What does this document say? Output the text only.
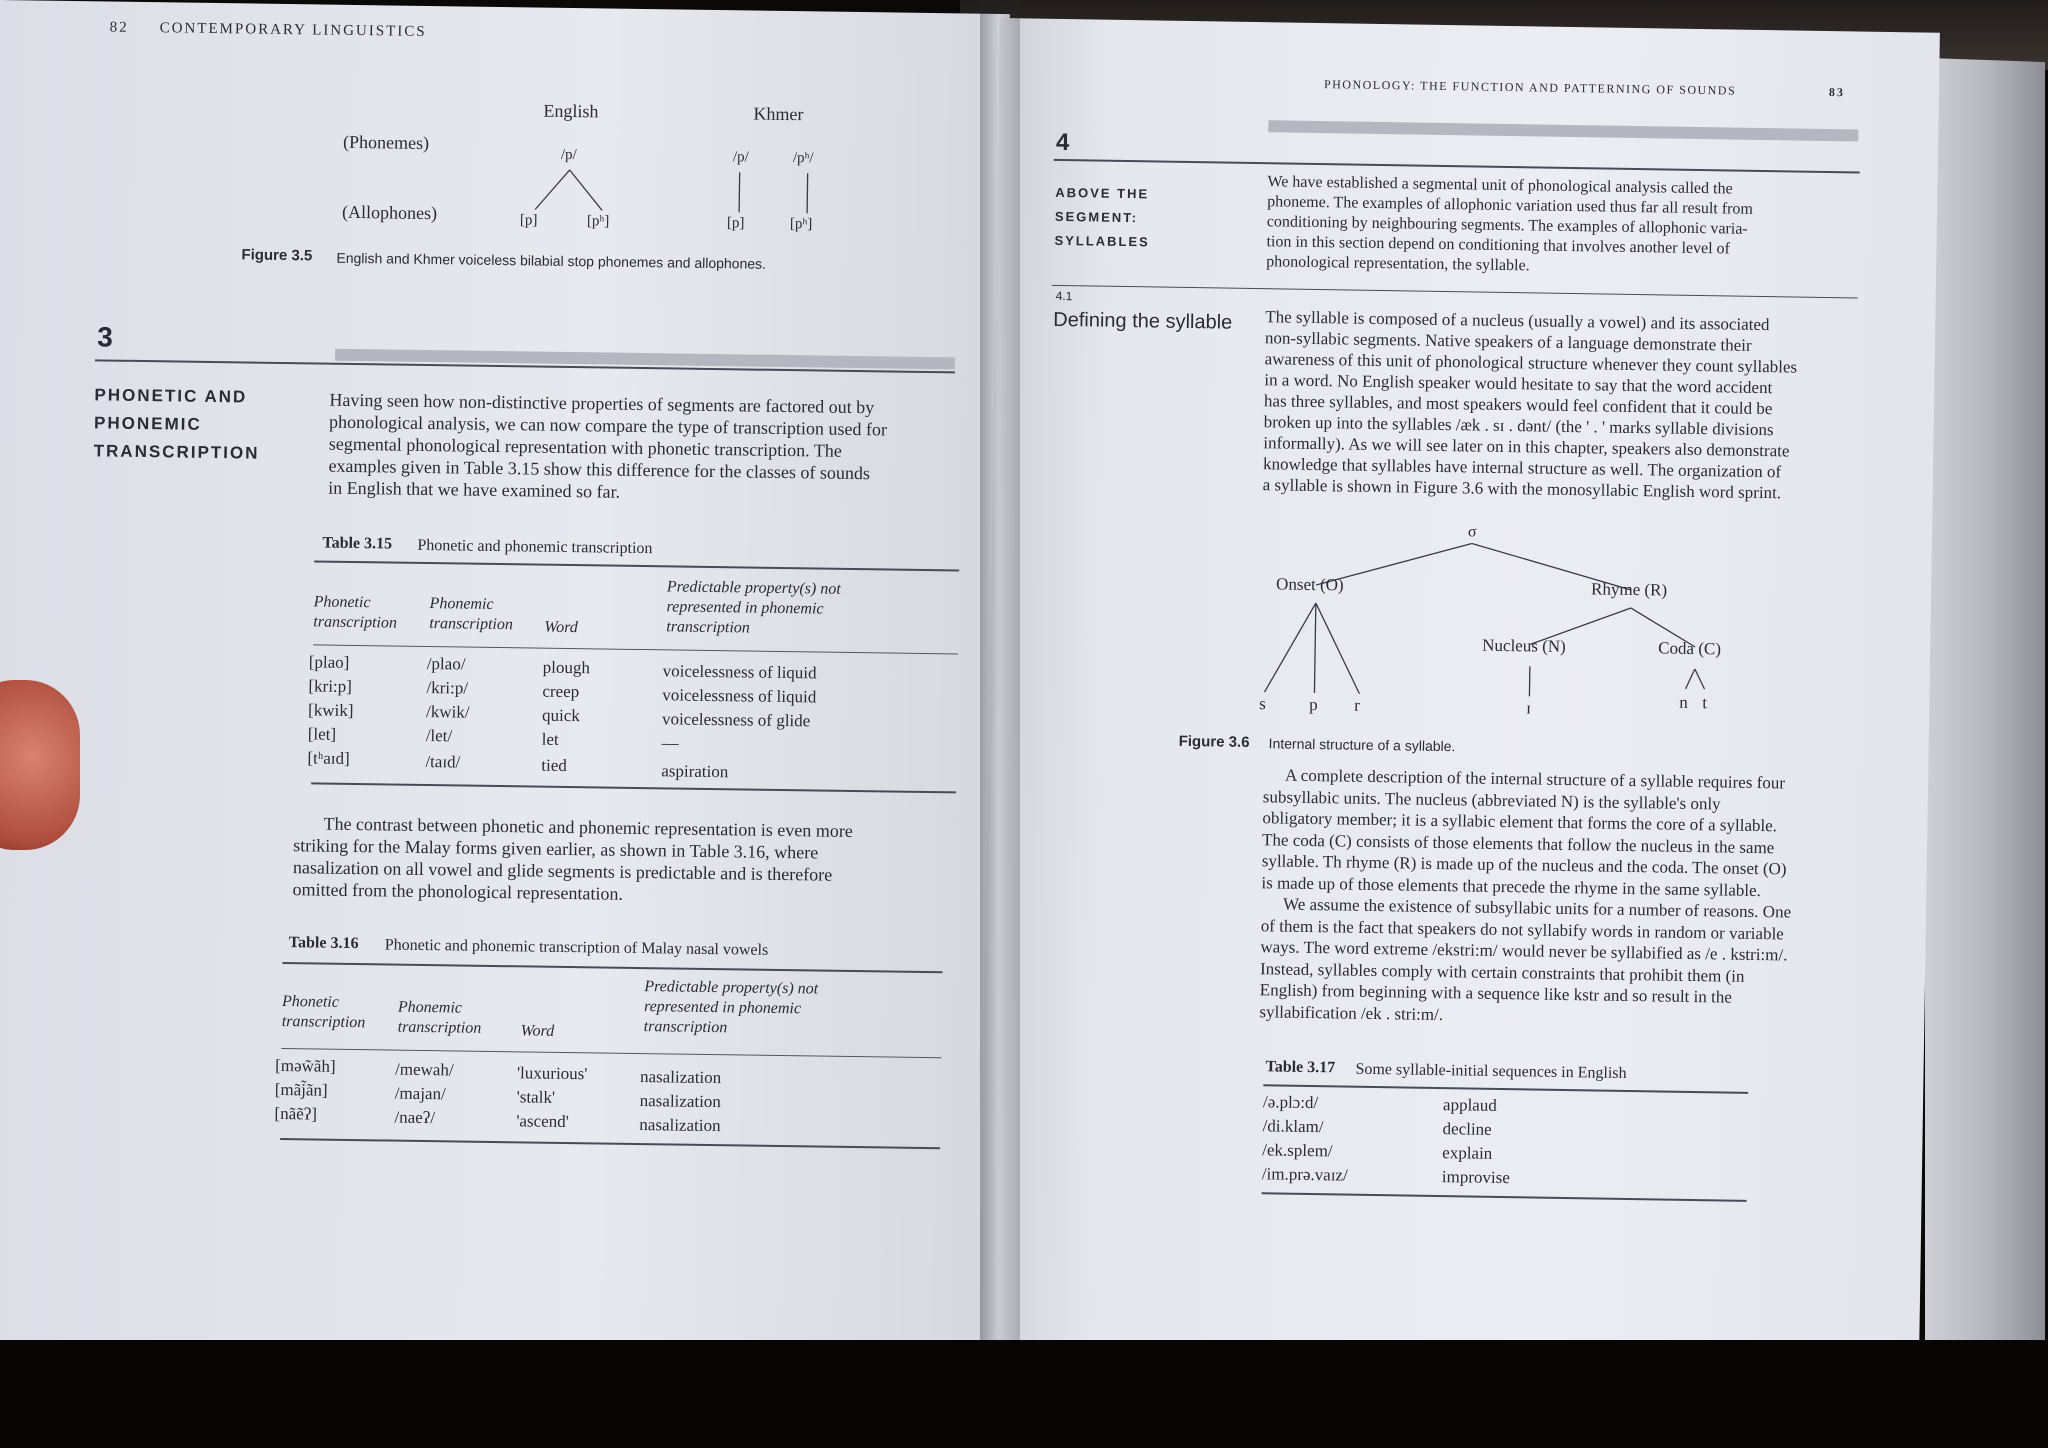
82 CONTEMPORARY LINGUISTICS
English	Khmer
(Phonemes)
(Allophones)
/p/
[p]	[pʰ]
/p/	/pʰ/
[p]	[pʰ]
Figure 3.5 English and Khmer voiceless bilabial stop phonemes and allophones.
3
PHONETIC AND
PHONEMIC
TRANSCRIPTION
Having seen how non-distinctive properties of segments are factored out by
phonological analysis, we can now compare the type of transcription used for
segmental phonological representation with phonetic transcription. The
examples given in Table 3.15 show this difference for the classes of sounds
in English that we have examined so far.
Table 3.15 Phonetic and phonemic transcription
Phonetic transcription
Phonemic transcription	Word
Predictable property(s) not represented in phonemic transcription
[plao]	/plao/	plough	voicelessness of liquid
[kri:p]	/kri:p/	creep	voicelessness of liquid
[kwik]	/kwik/	quick	voicelessness of glide
[let]	/let/	let	—
[tʰaɪd]	/taɪd/	tied	aspiration
The contrast between phonetic and phonemic representation is even more
striking for the Malay forms given earlier, as shown in Table 3.16, where
nasalization on all vowel and glide segments is predictable and is therefore
omitted from the phonological representation.
Table 3.16 Phonetic and phonemic transcription of Malay nasal vowels
Phonetic transcription
Phonemic transcription	Word
Predictable property(s) not represented in phonemic transcription
[məw̃ãh]	/mewah/	'luxurious'	nasalization
[mãj̃ãn]	/majan/	'stalk'	nasalization
[nãẽʔ]	/naeʔ/	'ascend'	nasalization
PHONOLOGY: THE FUNCTION AND PATTERNING OF SOUNDS	83
4
ABOVE THE
SEGMENT:
SYLLABLES
We have established a segmental unit of phonological analysis called the
phoneme. The examples of allophonic variation used thus far all result from
conditioning by neighbouring segments. The examples of allophonic varia-
tion in this section depend on conditioning that involves another level of
phonological representation, the syllable.
4.1
Defining the syllable The syllable is composed of a nucleus (usually a vowel) and its associated
non-syllabic segments. Native speakers of a language demonstrate their
awareness of this unit of phonological structure whenever they count syllables
in a word. No English speaker would hesitate to say that the word accident
has three syllables, and most speakers would feel confident that it could be
broken up into the syllables /æk . sɪ . dənt/ (the ' . ' marks syllable divisions
informally). As we will see later on in this chapter, speakers also demonstrate
knowledge that syllables have internal structure as well. The organization of
a syllable is shown in Figure 3.6 with the monosyllabic English word sprint.
σ
Onset (O)	Rhyme (R)
Nucleus (N)	Coda (C)
s	p r	ɪ	n t
Figure 3.6 Internal structure of a syllable.
A complete description of the internal structure of a syllable requires four
subsyllabic units. The nucleus (abbreviated N) is the syllable's only
obligatory member; it is a syllabic element that forms the core of a syllable.
The coda (C) consists of those elements that follow the nucleus in the same
syllable. Th rhyme (R) is made up of the nucleus and the coda. The onset (O)
is made up of those elements that precede the rhyme in the same syllable.
We assume the existence of subsyllabic units for a number of reasons. One
of them is the fact that speakers do not syllabify words in random or variable
ways. The word extreme /ekstri:m/ would never be syllabified as /e . kstri:m/.
Instead, syllables comply with certain constraints that prohibit them (in
English) from beginning with a sequence like kstr and so result in the
syllabification /ek . stri:m/.
Table 3.17 Some syllable-initial sequences in English
/ə.plɔ:d/	applaud
/di.klam/	decline
/ek.splem/	explain
/im.prə.vaɪz/	improvise
